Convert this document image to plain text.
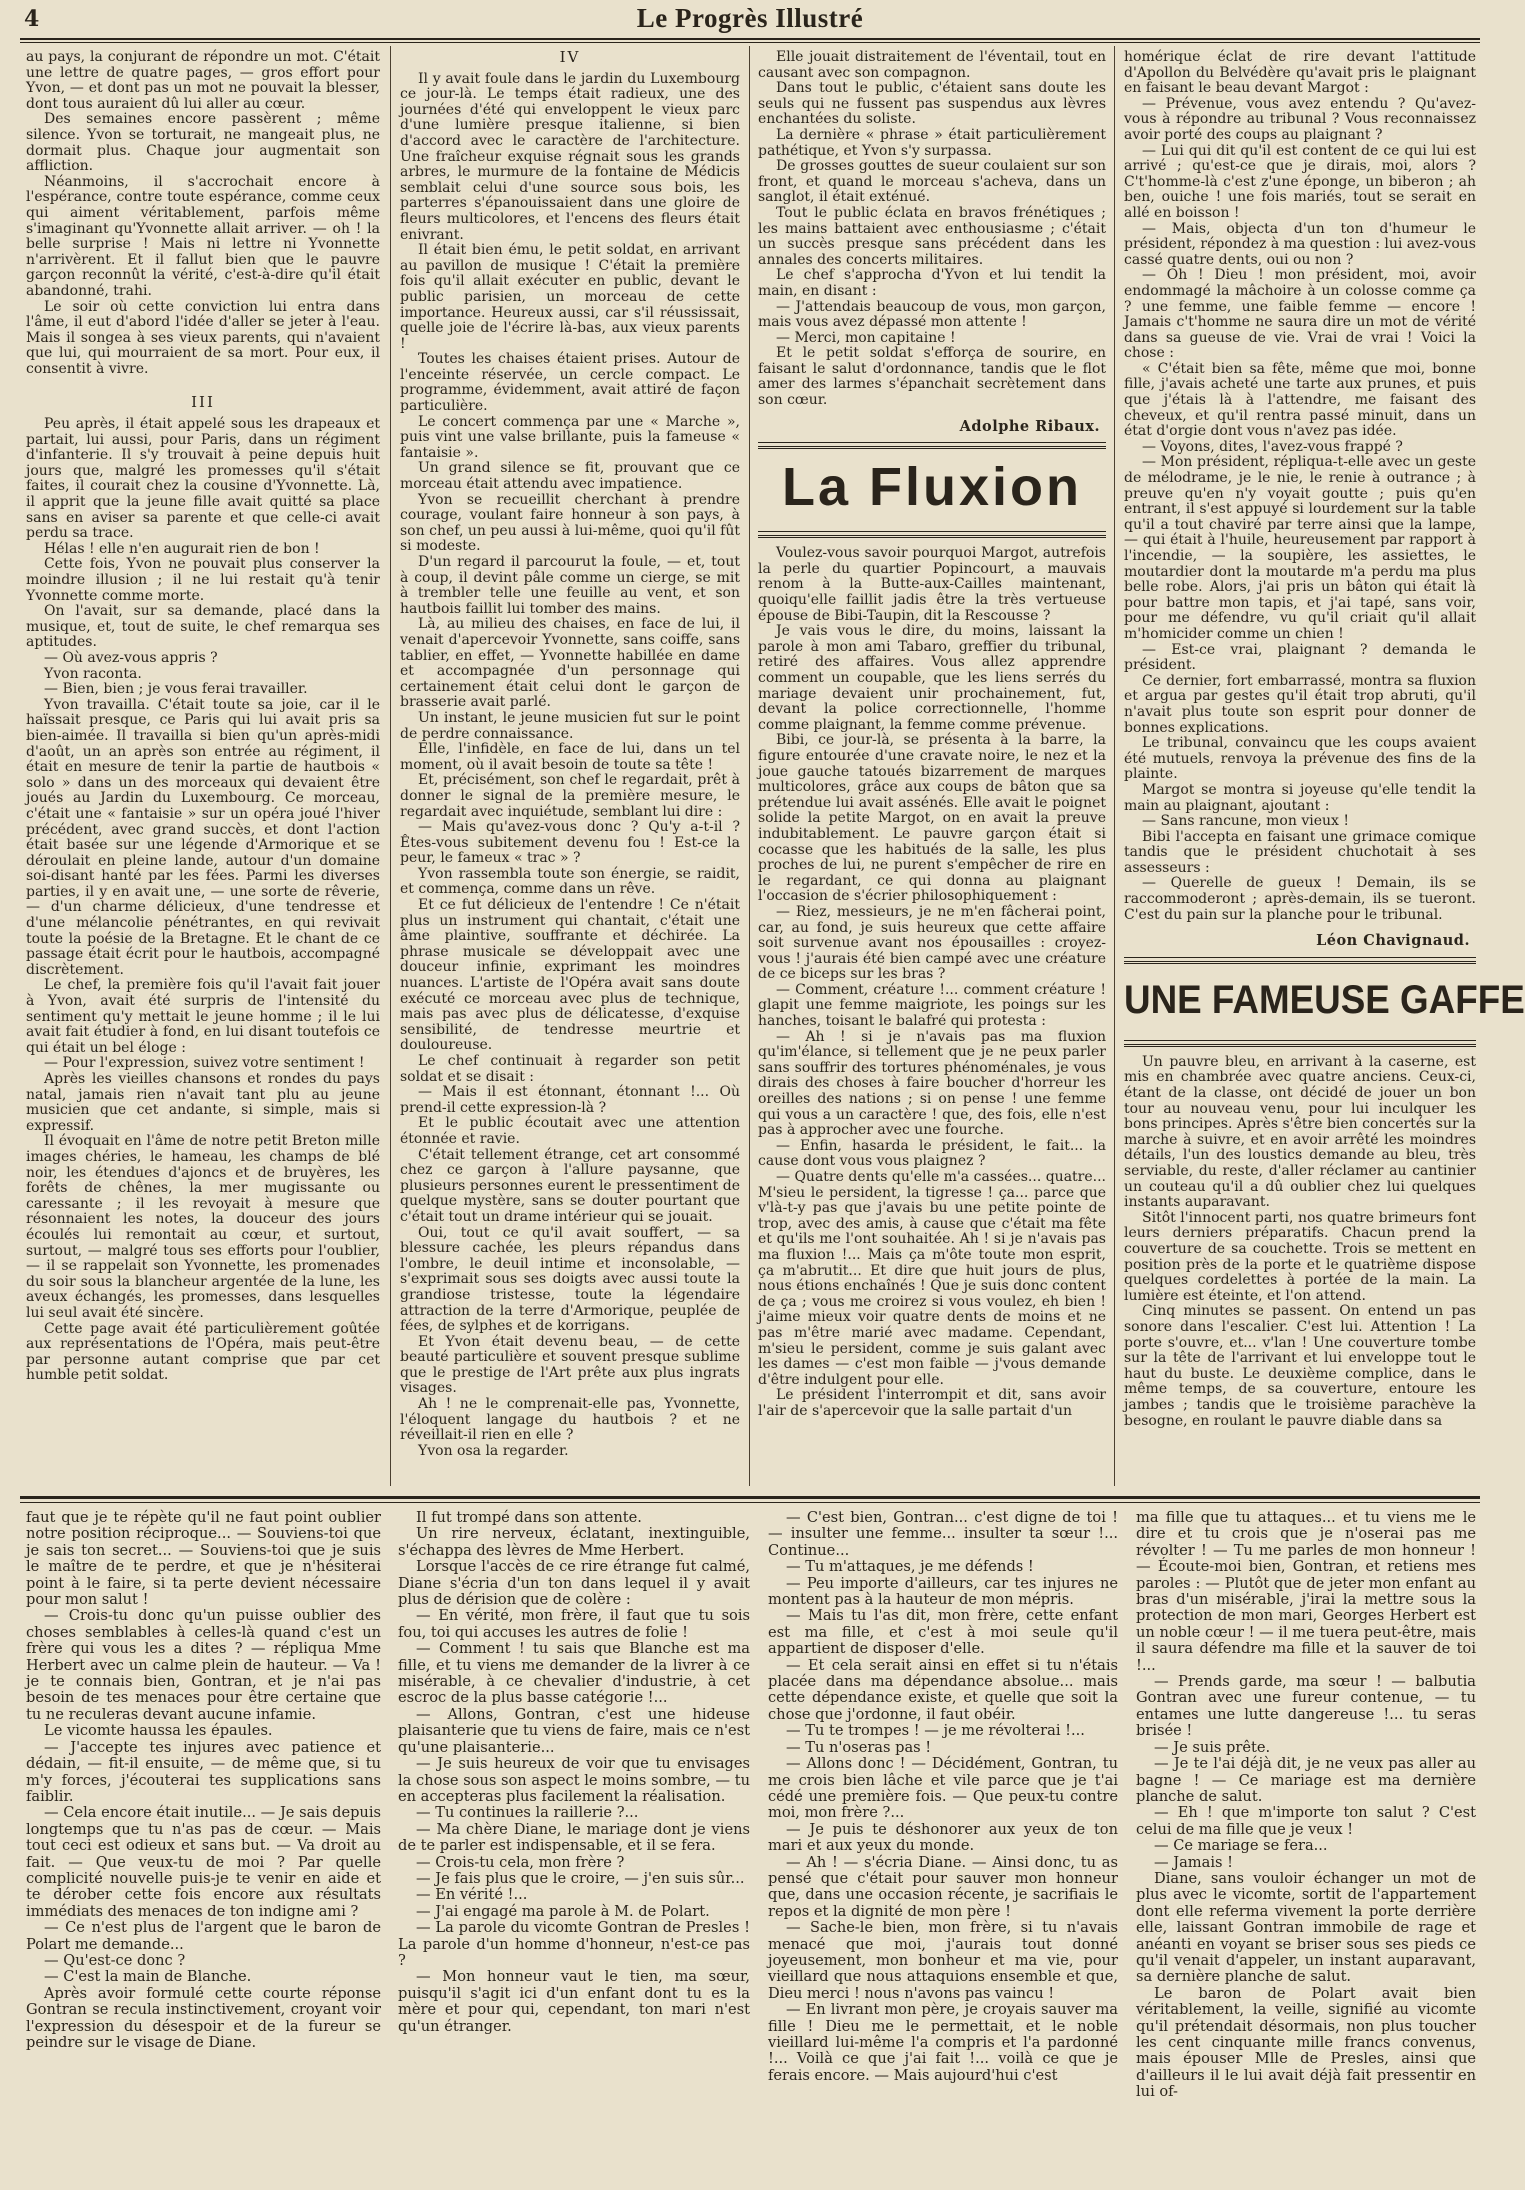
4	Le Progrès Illustré

au pays, la conjurant de répondre un mot. C'était une lettre de quatre pages, — gros effort pour Yvon, — et dont pas un mot ne pouvait la blesser, dont tous auraient dû lui aller au cœur.

Des semaines encore passèrent ; même silence. Yvon se torturait, ne mangeait plus, ne dormait plus. Chaque jour augmentait son affliction.

Néanmoins, il s'accrochait encore à l'espérance, contre toute espérance, comme ceux qui aiment véritablement, parfois même s'imaginant qu'Yvonnette allait arriver. — oh ! la belle surprise ! Mais ni lettre ni Yvonnette n'arrivèrent. Et il fallut bien que le pauvre garçon reconnût la vérité, c'est-à-dire qu'il était abandonné, trahi.

Le soir où cette conviction lui entra dans l'âme, il eut d'abord l'idée d'aller se jeter à l'eau. Mais il songea à ses vieux parents, qui n'avaient que lui, qui mourraient de sa mort. Pour eux, il consentit à vivre.

III

Peu après, il était appelé sous les drapeaux et partait, lui aussi, pour Paris, dans un régiment d'infanterie. Il s'y trouvait à peine depuis huit jours que, malgré les promesses qu'il s'était faites, il courait chez la cousine d'Yvonnette. Là, il apprit que la jeune fille avait quitté sa place sans en aviser sa parente et que celle-ci avait perdu sa trace.

Hélas ! elle n'en augurait rien de bon !

Cette fois, Yvon ne pouvait plus conserver la moindre illusion ; il ne lui restait qu'à tenir Yvonnette comme morte.

On l'avait, sur sa demande, placé dans la musique, et, tout de suite, le chef remarqua ses aptitudes.

— Où avez-vous appris ?

Yvon raconta.

— Bien, bien ; je vous ferai travailler.

Yvon travailla. C'était toute sa joie, car il le haïssait presque, ce Paris qui lui avait pris sa bien-aimée. Il travailla si bien qu'un après-midi d'août, un an après son entrée au régiment, il était en mesure de tenir la partie de hautbois « solo » dans un des morceaux qui devaient être joués au Jardin du Luxembourg. Ce morceau, c'était une « fantaisie » sur un opéra joué l'hiver précédent, avec grand succès, et dont l'action était basée sur une légende d'Armorique et se déroulait en pleine lande, autour d'un domaine soi-disant hanté par les fées. Parmi les diverses parties, il y en avait une, — une sorte de rêverie, — d'un charme délicieux, d'une tendresse et d'une mélancolie pénétrantes, en qui revivait toute la poésie de la Bretagne. Et le chant de ce passage était écrit pour le hautbois, accompagné discrètement.

Le chef, la première fois qu'il l'avait fait jouer à Yvon, avait été surpris de l'intensité du sentiment qu'y mettait le jeune homme ; il le lui avait fait étudier à fond, en lui disant toutefois ce qui était un bel éloge :

— Pour l'expression, suivez votre sentiment !

Après les vieilles chansons et rondes du pays natal, jamais rien n'avait tant plu au jeune musicien que cet andante, si simple, mais si expressif.

Il évoquait en l'âme de notre petit Breton mille images chéries, le hameau, les champs de blé noir, les étendues d'ajoncs et de bruyères, les forêts de chênes, la mer mugissante ou caressante ; il les revoyait à mesure que résonnaient les notes, la douceur des jours écoulés lui remontait au cœur, et surtout, surtout, — malgré tous ses efforts pour l'oublier, — il se rappelait son Yvonnette, les promenades du soir sous la blancheur argentée de la lune, les aveux échangés, les promesses, dans lesquelles lui seul avait été sincère.

Cette page avait été particulièrement goûtée aux représentations de l'Opéra, mais peut-être par personne autant comprise que par cet humble petit soldat.

IV

Il y avait foule dans le jardin du Luxembourg ce jour-là. Le temps était radieux, une des journées d'été qui enveloppent le vieux parc d'une lumière presque italienne, si bien d'accord avec le caractère de l'architecture. Une fraîcheur exquise régnait sous les grands arbres, le murmure de la fontaine de Médicis semblait celui d'une source sous bois, les parterres s'épanouissaient dans une gloire de fleurs multicolores, et l'encens des fleurs était enivrant.

Il était bien ému, le petit soldat, en arrivant au pavillon de musique ! C'était la première fois qu'il allait exécuter en public, devant le public parisien, un morceau de cette importance. Heureux aussi, car s'il réussissait, quelle joie de l'écrire là-bas, aux vieux parents !

Toutes les chaises étaient prises. Autour de l'enceinte réservée, un cercle compact. Le programme, évidemment, avait attiré de façon particulière.

Le concert commença par une « Marche », puis vint une valse brillante, puis la fameuse « fantaisie ».

Un grand silence se fit, prouvant que ce morceau était attendu avec impatience.

Yvon se recueillit cherchant à prendre courage, voulant faire honneur à son pays, à son chef, un peu aussi à lui-même, quoi qu'il fût si modeste.

D'un regard il parcourut la foule, — et, tout à coup, il devint pâle comme un cierge, se mit à trembler telle une feuille au vent, et son hautbois faillit lui tomber des mains.

Là, au milieu des chaises, en face de lui, il venait d'apercevoir Yvonnette, sans coiffe, sans tablier, en effet, — Yvonnette habillée en dame et accompagnée d'un personnage qui certainement était celui dont le garçon de brasserie avait parlé.

Un instant, le jeune musicien fut sur le point de perdre connaissance.

Elle, l'infidèle, en face de lui, dans un tel moment, où il avait besoin de toute sa tête !

Et, précisément, son chef le regardait, prêt à donner le signal de la première mesure, le regardait avec inquiétude, semblant lui dire :

— Mais qu'avez-vous donc ? Qu'y a-t-il ? Êtes-vous subitement devenu fou ! Est-ce la peur, le fameux « trac » ?

Yvon rassembla toute son énergie, se raidit, et commença, comme dans un rêve.

Et ce fut délicieux de l'entendre ! Ce n'était plus un instrument qui chantait, c'était une âme plaintive, souffrante et déchirée. La phrase musicale se développait avec une douceur infinie, exprimant les moindres nuances. L'artiste de l'Opéra avait sans doute exécuté ce morceau avec plus de technique, mais pas avec plus de délicatesse, d'exquise sensibilité, de tendresse meurtrie et douloureuse.

Le chef continuait à regarder son petit soldat et se disait :

— Mais il est étonnant, étonnant !... Où prend-il cette expression-là ?

Et le public écoutait avec une attention étonnée et ravie.

C'était tellement étrange, cet art consommé chez ce garçon à l'allure paysanne, que plusieurs personnes eurent le pressentiment de quelque mystère, sans se douter pourtant que c'était tout un drame intérieur qui se jouait.

Oui, tout ce qu'il avait souffert, — sa blessure cachée, les pleurs répandus dans l'ombre, le deuil intime et inconsolable, — s'exprimait sous ses doigts avec aussi toute la grandiose tristesse, toute la légendaire attraction de la terre d'Armorique, peuplée de fées, de sylphes et de korrigans.

Et Yvon était devenu beau, — de cette beauté particulière et souvent presque sublime que le prestige de l'Art prête aux plus ingrats visages.

Ah ! ne le comprenait-elle pas, Yvonnette, l'éloquent langage du hautbois ? et ne réveillait-il rien en elle ?

Yvon osa la regarder.

Elle jouait distraitement de l'éventail, tout en causant avec son compagnon.

Dans tout le public, c'étaient sans doute les seuls qui ne fussent pas suspendus aux lèvres enchantées du soliste.

La dernière « phrase » était particulièrement pathétique, et Yvon s'y surpassa.

De grosses gouttes de sueur coulaient sur son front, et quand le morceau s'acheva, dans un sanglot, il était exténué.

Tout le public éclata en bravos frénétiques ; les mains battaient avec enthousiasme ; c'était un succès presque sans précédent dans les annales des concerts militaires.

Le chef s'approcha d'Yvon et lui tendit la main, en disant :

— J'attendais beaucoup de vous, mon garçon, mais vous avez dépassé mon attente !

— Merci, mon capitaine !

Et le petit soldat s'efforça de sourire, en faisant le salut d'ordonnance, tandis que le flot amer des larmes s'épanchait secrètement dans son cœur.

Adolphe Ribaux.
La Fluxion

Voulez-vous savoir pourquoi Margot, autrefois la perle du quartier Popincourt, a mauvais renom à la Butte-aux-Cailles maintenant, quoiqu'elle faillit jadis être la très vertueuse épouse de Bibi-Taupin, dit la Rescousse ?

Je vais vous le dire, du moins, laissant la parole à mon ami Tabaro, greffier du tribunal, retiré des affaires. Vous allez apprendre comment un coupable, que les liens serrés du mariage devaient unir prochainement, fut, devant la police correctionnelle, l'homme comme plaignant, la femme comme prévenue.

Bibi, ce jour-là, se présenta à la barre, la figure entourée d'une cravate noire, le nez et la joue gauche tatoués bizarrement de marques multicolores, grâce aux coups de bâton que sa prétendue lui avait assénés. Elle avait le poignet solide la petite Margot, on en avait la preuve indubitablement. Le pauvre garçon était si cocasse que les habitués de la salle, les plus proches de lui, ne purent s'empêcher de rire en le regardant, ce qui donna au plaignant l'occasion de s'écrier philosophiquement :

— Riez, messieurs, je ne m'en fâcherai point, car, au fond, je suis heureux que cette affaire soit survenue avant nos épousailles : croyez-vous ! j'aurais été bien campé avec une créature de ce biceps sur les bras ?

— Comment, créature !... comment créature ! glapit une femme maigriote, les poings sur les hanches, toisant le balafré qui protesta :

— Ah ! si je n'avais pas ma fluxion qu'im'élance, si tellement que je ne peux parler sans souffrir des tortures phénoménales, je vous dirais des choses à faire boucher d'horreur les oreilles des nations ; si on pense ! une femme qui vous a un caractère ! que, des fois, elle n'est pas à approcher avec une fourche.

— Enfin, hasarda le président, le fait... la cause dont vous vous plaignez ?

— Quatre dents qu'elle m'a cassées... quatre... M'sieu le persident, la tigresse ! ça... parce que v'là-t-y pas que j'avais bu une petite pointe de trop, avec des amis, à cause que c'était ma fête et qu'ils me l'ont souhaitée. Ah ! si je n'avais pas ma fluxion !... Mais ça m'ôte toute mon esprit, ça m'abrutit... Et dire que huit jours de plus, nous étions enchaînés ! Que je suis donc content de ça ; vous me croirez si vous voulez, eh bien ! j'aime mieux voir quatre dents de moins et ne pas m'être marié avec madame. Cependant, m'sieu le persident, comme je suis galant avec les dames — c'est mon faible — j'vous demande d'être indulgent pour elle.

Le président l'interrompit et dit, sans avoir l'air de s'apercevoir que la salle partait d'un

homérique éclat de rire devant l'attitude d'Apollon du Belvédère qu'avait pris le plaignant en faisant le beau devant Margot :

— Prévenue, vous avez entendu ? Qu'avez-vous à répondre au tribunal ? Vous reconnaissez avoir porté des coups au plaignant ?

— Lui qui dit qu'il est content de ce qui lui est arrivé ; qu'est-ce que je dirais, moi, alors ? C't'homme-là c'est z'une éponge, un biberon ; ah ben, ouiche ! une fois mariés, tout se serait en allé en boisson !

— Mais, objecta d'un ton d'humeur le président, répondez à ma question : lui avez-vous cassé quatre dents, oui ou non ?

— Oh ! Dieu ! mon président, moi, avoir endommagé la mâchoire à un colosse comme ça ? une femme, une faible femme — encore ! Jamais c't'homme ne saura dire un mot de vérité dans sa gueuse de vie. Vrai de vrai ! Voici la chose :

« C'était bien sa fête, même que moi, bonne fille, j'avais acheté une tarte aux prunes, et puis que j'étais là à l'attendre, me faisant des cheveux, et qu'il rentra passé minuit, dans un état d'orgie dont vous n'avez pas idée.

— Voyons, dites, l'avez-vous frappé ?

— Mon président, répliqua-t-elle avec un geste de mélodrame, je le nie, le renie à outrance ; à preuve qu'en n'y voyait goutte ; puis qu'en entrant, il s'est appuyé si lourdement sur la table qu'il a tout chaviré par terre ainsi que la lampe, — qui était à l'huile, heureusement par rapport à l'incendie, — la soupière, les assiettes, le moutardier dont la moutarde m'a perdu ma plus belle robe. Alors, j'ai pris un bâton qui était là pour battre mon tapis, et j'ai tapé, sans voir, pour me défendre, vu qu'il criait qu'il allait m'homicider comme un chien !

— Est-ce vrai, plaignant ? demanda le président.

Ce dernier, fort embarrassé, montra sa fluxion et argua par gestes qu'il était trop abruti, qu'il n'avait plus toute son esprit pour donner de bonnes explications.

Le tribunal, convaincu que les coups avaient été mutuels, renvoya la prévenue des fins de la plainte.

Margot se montra si joyeuse qu'elle tendit la main au plaignant, ajoutant :

— Sans rancune, mon vieux !

Bibi l'accepta en faisant une grimace comique tandis que le président chuchotait à ses assesseurs :

— Querelle de gueux ! Demain, ils se raccommoderont ; après-demain, ils se tueront. C'est du pain sur la planche pour le tribunal.

Léon Chavignaud.
UNE FAMEUSE GAFFE

Un pauvre bleu, en arrivant à la caserne, est mis en chambrée avec quatre anciens. Ceux-ci, étant de la classe, ont décidé de jouer un bon tour au nouveau venu, pour lui inculquer les bons principes. Après s'être bien concertés sur la marche à suivre, et en avoir arrêté les moindres détails, l'un des loustics demande au bleu, très serviable, du reste, d'aller réclamer au cantinier un couteau qu'il a dû oublier chez lui quelques instants auparavant.

Sitôt l'innocent parti, nos quatre brimeurs font leurs derniers préparatifs. Chacun prend la couverture de sa couchette. Trois se mettent en position près de la porte et le quatrième dispose quelques cordelettes à portée de la main. La lumière est éteinte, et l'on attend.

Cinq minutes se passent. On entend un pas sonore dans l'escalier. C'est lui. Attention ! La porte s'ouvre, et... v'lan ! Une couverture tombe sur la tête de l'arrivant et lui enveloppe tout le haut du buste. Le deuxième complice, dans le même temps, de sa couverture, entoure les jambes ; tandis que le troisième parachève la besogne, en roulant le pauvre diable dans sa

faut que je te répète qu'il ne faut point oublier notre position réciproque... — Souviens-toi que je sais ton secret... — Souviens-toi que je suis le maître de te perdre, et que je n'hésiterai point à le faire, si ta perte devient nécessaire pour mon salut !

— Crois-tu donc qu'un puisse oublier des choses semblables à celles-là quand c'est un frère qui vous les a dites ? — répliqua Mme Herbert avec un calme plein de hauteur. — Va ! je te connais bien, Gontran, et je n'ai pas besoin de tes menaces pour être certaine que tu ne reculeras devant aucune infamie.

Le vicomte haussa les épaules.

— J'accepte tes injures avec patience et dédain, — fit-il ensuite, — de même que, si tu m'y forces, j'écouterai tes supplications sans faiblir.

— Cela encore était inutile... — Je sais depuis longtemps que tu n'as pas de cœur. — Mais tout ceci est odieux et sans but. — Va droit au fait. — Que veux-tu de moi ? Par quelle complicité nouvelle puis-je te venir en aide et te dérober cette fois encore aux résultats immédiats des menaces de ton indigne ami ?

— Ce n'est plus de l'argent que le baron de Polart me demande...

— Qu'est-ce donc ?

— C'est la main de Blanche.

Après avoir formulé cette courte réponse Gontran se recula instinctivement, croyant voir l'expression du désespoir et de la fureur se peindre sur le visage de Diane.

Il fut trompé dans son attente.

Un rire nerveux, éclatant, inextinguible, s'échappa des lèvres de Mme Herbert.

Lorsque l'accès de ce rire étrange fut calmé, Diane s'écria d'un ton dans lequel il y avait plus de dérision que de colère :

— En vérité, mon frère, il faut que tu sois fou, toi qui accuses les autres de folie !

— Comment ! tu sais que Blanche est ma fille, et tu viens me demander de la livrer à ce misérable, à ce chevalier d'industrie, à cet escroc de la plus basse catégorie !...

— Allons, Gontran, c'est une hideuse plaisanterie que tu viens de faire, mais ce n'est qu'une plaisanterie...

— Je suis heureux de voir que tu envisages la chose sous son aspect le moins sombre, — tu en accepteras plus facilement la réalisation.

— Tu continues la raillerie ?...

— Ma chère Diane, le mariage dont je viens de te parler est indispensable, et il se fera.

— Crois-tu cela, mon frère ?

— Je fais plus que le croire, — j'en suis sûr...

— En vérité !...

— J'ai engagé ma parole à M. de Polart.

— La parole du vicomte Gontran de Presles ! La parole d'un homme d'honneur, n'est-ce pas ?

— Mon honneur vaut le tien, ma sœur, puisqu'il s'agit ici d'un enfant dont tu es la mère et pour qui, cependant, ton mari n'est qu'un étranger.

— C'est bien, Gontran... c'est digne de toi ! — insulter une femme... insulter ta sœur !... Continue...

— Tu m'attaques, je me défends !

— Peu importe d'ailleurs, car tes injures ne montent pas à la hauteur de mon mépris.

— Mais tu l'as dit, mon frère, cette enfant est ma fille, et c'est à moi seule qu'il appartient de disposer d'elle.

— Et cela serait ainsi en effet si tu n'étais placée dans ma dépendance absolue... mais cette dépendance existe, et quelle que soit la chose que j'ordonne, il faut obéir.

— Tu te trompes ! — je me révolterai !...

— Tu n'oseras pas !

— Allons donc ! — Décidément, Gontran, tu me crois bien lâche et vile parce que je t'ai cédé une première fois. — Que peux-tu contre moi, mon frère ?...

— Je puis te déshonorer aux yeux de ton mari et aux yeux du monde.

— Ah ! — s'écria Diane. — Ainsi donc, tu as pensé que c'était pour sauver mon honneur que, dans une occasion récente, je sacrifiais le repos et la dignité de mon père !

— Sache-le bien, mon frère, si tu n'avais menacé que moi, j'aurais tout donné joyeusement, mon bonheur et ma vie, pour vieillard que nous attaquions ensemble et que, Dieu merci ! nous n'avons pas vaincu !

— En livrant mon père, je croyais sauver ma fille ! Dieu me le permettait, et le noble vieillard lui-même l'a compris et l'a pardonné !... Voilà ce que j'ai fait !... voilà ce que je ferais encore. — Mais aujourd'hui c'est

ma fille que tu attaques... et tu viens me le dire et tu crois que je n'oserai pas me révolter ! — Tu me parles de mon honneur ! — Écoute-moi bien, Gontran, et retiens mes paroles : — Plutôt que de jeter mon enfant au bras d'un misérable, j'irai la mettre sous la protection de mon mari, Georges Herbert est un noble cœur ! — il me tuera peut-être, mais il saura défendre ma fille et la sauver de toi !...

— Prends garde, ma sœur ! — balbutia Gontran avec une fureur contenue, — tu entames une lutte dangereuse !... tu seras brisée !

— Je suis prête.

— Je te l'ai déjà dit, je ne veux pas aller au bagne ! — Ce mariage est ma dernière planche de salut.

— Eh ! que m'importe ton salut ? C'est celui de ma fille que je veux !

— Ce mariage se fera...

— Jamais !

Diane, sans vouloir échanger un mot de plus avec le vicomte, sortit de l'appartement dont elle referma vivement la porte derrière elle, laissant Gontran immobile de rage et anéanti en voyant se briser sous ses pieds ce qu'il venait d'appeler, un instant auparavant, sa dernière planche de salut.

Le baron de Polart avait bien véritablement, la veille, signifié au vicomte qu'il prétendait désormais, non plus toucher les cent cinquante mille francs convenus, mais épouser Mlle de Presles, ainsi que d'ailleurs il le lui avait déjà fait pressentir en lui of-
